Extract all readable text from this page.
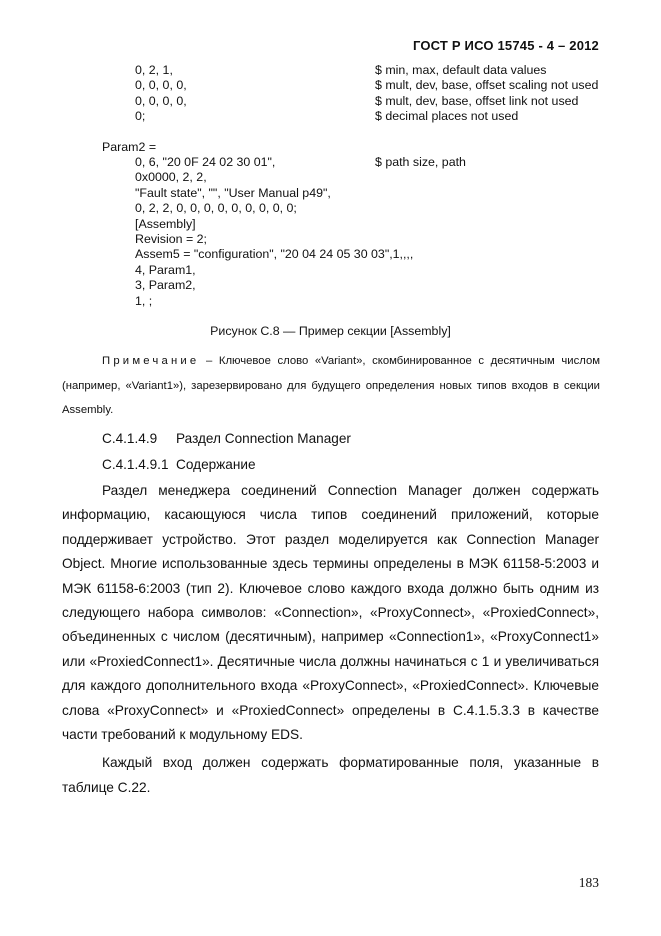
ГОСТ Р ИСО 15745 - 4 – 2012
0, 2, 1,	$ min, max, default data values
0, 0, 0, 0,	$ mult, dev, base, offset scaling not used
0, 0, 0, 0,	$ mult, dev, base, offset link not used
0;	$ decimal places not used
Param2 =
0, 6, "20 0F 24 02 30 01",	$ path size, path
0x0000, 2, 2,
"Fault state", "", "User Manual p49",
0, 2, 2, 0, 0, 0, 0, 0, 0, 0, 0, 0;
[Assembly]
Revision = 2;
Assem5 = "configuration", "20 04 24 05 30 03",1,,,,
4, Param1,
3, Param2,
1, ;
Рисунок С.8 — Пример секции [Assembly]
Примечание – Ключевое слово «Variant», скомбинированное с десятичным числом (например, «Variant1»), зарезервировано для будущего определения новых типов входов в секции Assembly.
С.4.1.4.9     Раздел Connection Manager
С.4.1.4.9.1  Содержание

Раздел менеджера соединений Connection Manager должен содержать информацию, касающуюся числа типов соединений приложений, которые поддерживает устройство. Этот раздел моделируется как Connection Manager Object. Многие использованные здесь термины определены в МЭК 61158-5:2003 и МЭК 61158-6:2003 (тип 2). Ключевое слово каждого входа должно быть одним из следующего набора символов: «Connection», «ProxyConnect», «ProxiedConnect», объединенных с числом (десятичным), например «Connection1», «ProxyConnect1» или «ProxiedConnect1». Десятичные числа должны начинаться с 1 и увеличиваться для каждого дополнительного входа «ProxyConnect», «ProxiedConnect». Ключевые слова «ProxyConnect» и «ProxiedConnect» определены в С.4.1.5.3.3 в качестве части требований к модульному EDS.

Каждый вход должен содержать форматированные поля, указанные в таблице С.22.

183
